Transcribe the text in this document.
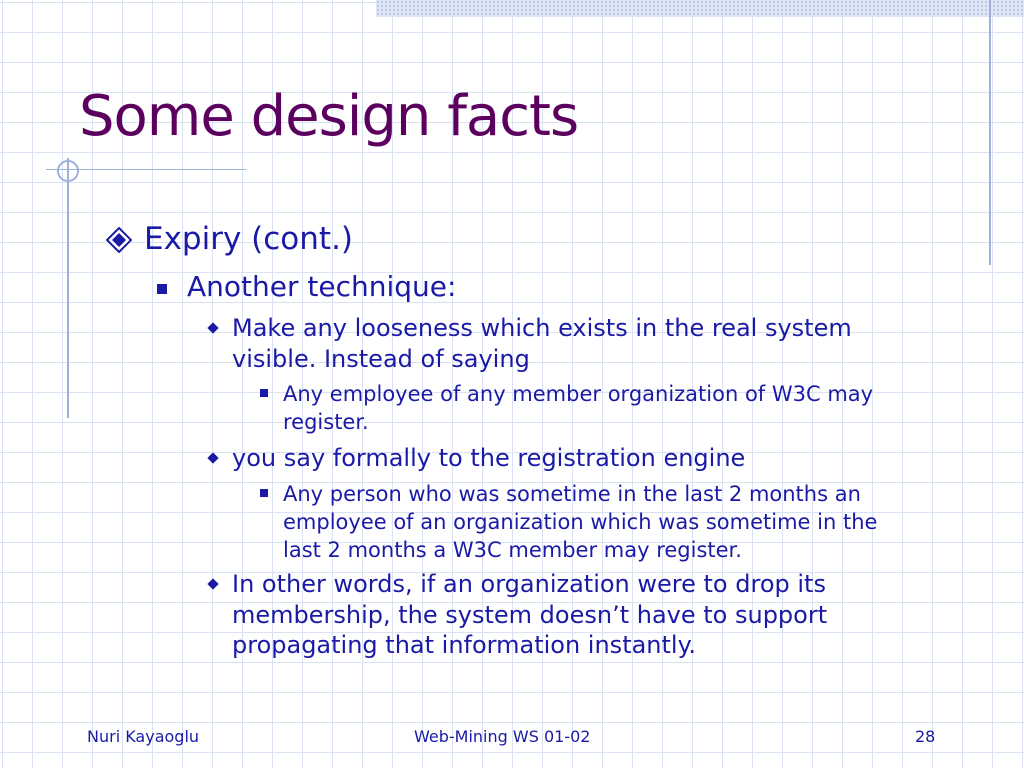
Some design facts
Expiry (cont.)
Another technique:
Make any looseness which exists in the real system
visible. Instead of saying
Any employee of any member organization of W3C may
register.
you say formally to the registration engine
Any person who was sometime in the last 2 months an
employee of an organization which was sometime in the
last 2 months a W3C member may register.
In other words, if an organization were to drop its
membership, the system doesn’t have to support
propagating that information instantly.
Nuri Kayaoglu	Web-Mining WS 01-02	28
